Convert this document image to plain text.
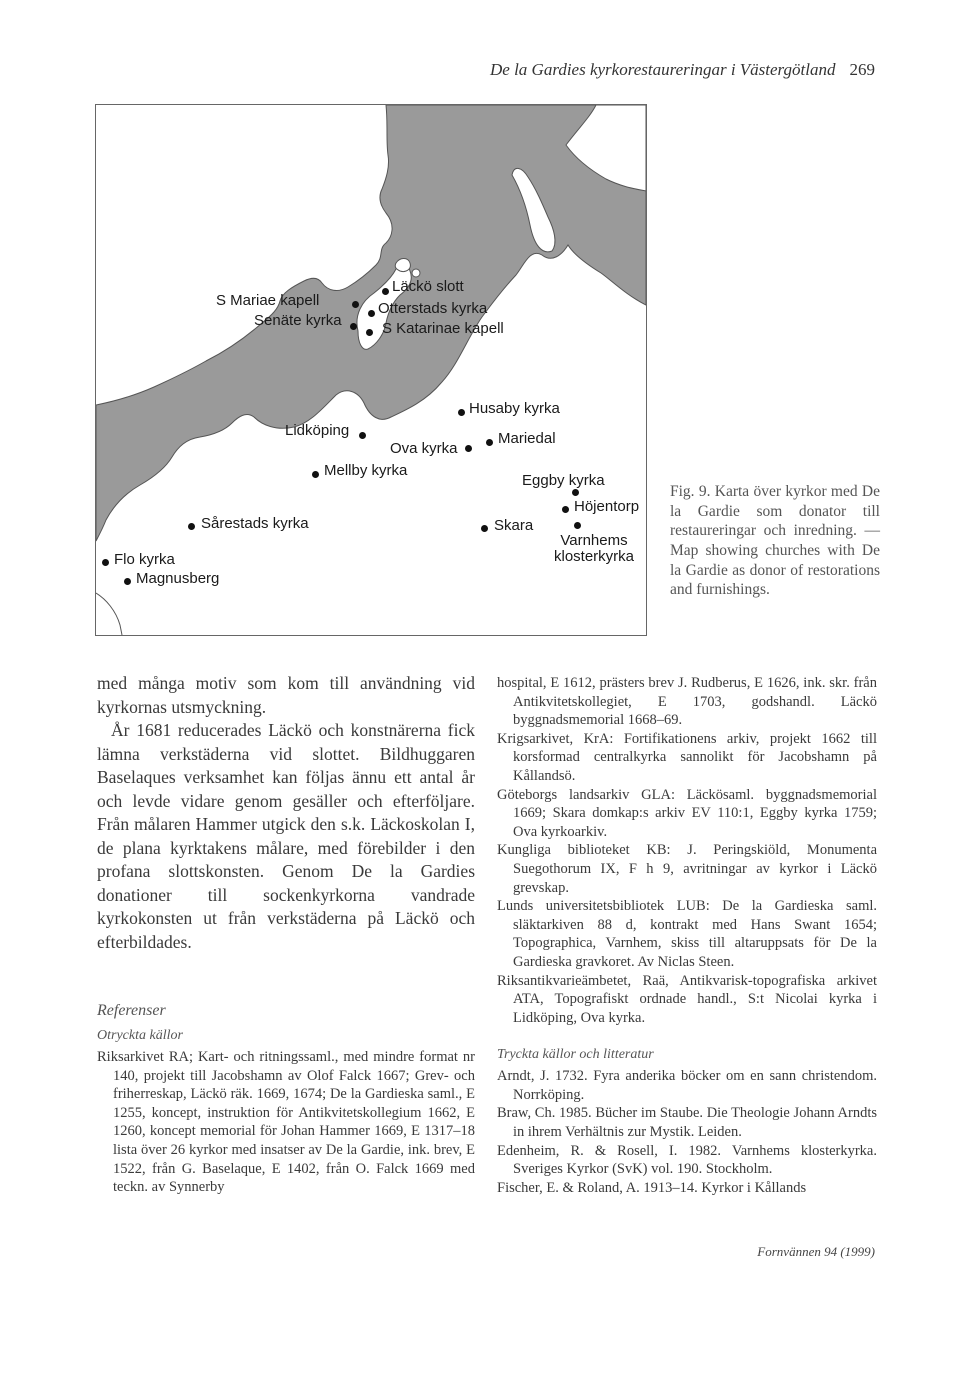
De la Gardies kyrkorestaureringar i Västergötland 269
Läckö slott
S Mariae kapell	Otterstads kyrka
Senäte kyrka	S Katarinae kapell
Husaby kyrka
Lidköping
Ova kyrka
Mariedal
Mellby kyrka
Eggby kyrka
Höjentorp
Sårestads kyrka	Skara
Varnhems klosterkyrka
Flo kyrka
Magnusberg

Fig. 9. Karta över kyrkor med De la Gardie som donator till restaureringar och inredning. — Map showing churches with De la Gardie as donor of restorations and furnishings.

med många motiv som kom till användning vid kyrkornas utsmyckning.

År 1681 reducerades Läckö och konstnärerna fick lämna verkstäderna vid slottet. Bildhuggaren Baselaques verksamhet kan följas ännu ett antal år och levde vidare genom gesäller och efterföljare. Från målaren Hammer utgick den s.k. Läckoskolan I, de plana kyrktakens målare, med förebilder i den profana slottskonsten. Genom De la Gardies donationer till sockenkyrkorna vandrade kyrkokonsten ut från verkstäderna på Läckö och efterbildades.

Referenser
Otryckta källor
Riksarkivet RA; Kart- och ritningssaml., med mindre format nr 140, projekt till Jacobshamn av Olof Falck 1667; Grev- och friherreskap, Läckö räk. 1669, 1674; De la Gardieska saml., E 1255, koncept, instruktion för Antikvitetskollegium 1662, E 1260, koncept memorial för Johan Hammer 1669, E 1317–18 lista över 26 kyrkor med insatser av De la Gardie, ink. brev, E 1522, från G. Baselaque, E 1402, från O. Falck 1669 med teckn. av Synnerby
hospital, E 1612, prästers brev J. Rudberus, E 1626, ink. skr. från Antikvitetskollegiet, E 1703, godshandl. Läckö byggnadsmemorial 1668–69.
Krigsarkivet, KrA: Fortifikationens arkiv, projekt 1662 till korsformad centralkyrka sannolikt för Jacobshamn på Kållandsö.
Göteborgs landsarkiv GLA: Läckösaml. byggnadsmemorial 1669; Skara domkap:s arkiv EV 110:1, Eggby kyrka 1759; Ova kyrkoarkiv.
Kungliga biblioteket KB: J. Peringskiöld, Monumenta Suegothorum IX, F h 9, avritningar av kyrkor i Läckö grevskap.
Lunds universitetsbibliotek LUB: De la Gardieska saml. släktarkiven 88 d, kontrakt med Hans Swant 1654; Topographica, Varnhem, skiss till altaruppsats för De la Gardieska gravkoret. Av Niclas Steen.
Riksantikvarieämbetet, Raä, Antikvarisk-topografiska arkivet ATA, Topografiskt ordnade handl., S:t Nicolai kyrka i Lidköping, Ova kyrka.
Tryckta källor och litteratur
Arndt, J. 1732. Fyra anderika böcker om en sann christendom. Norrköping.
Braw, Ch. 1985. Bücher im Staube. Die Theologie Johann Arndts in ihrem Verhältnis zur Mystik. Leiden.
Edenheim, R. & Rosell, I. 1982. Varnhems klosterkyrka. Sveriges Kyrkor (SvK) vol. 190. Stockholm.
Fischer, E. & Roland, A. 1913–14. Kyrkor i Kållands
Fornvännen 94 (1999)
